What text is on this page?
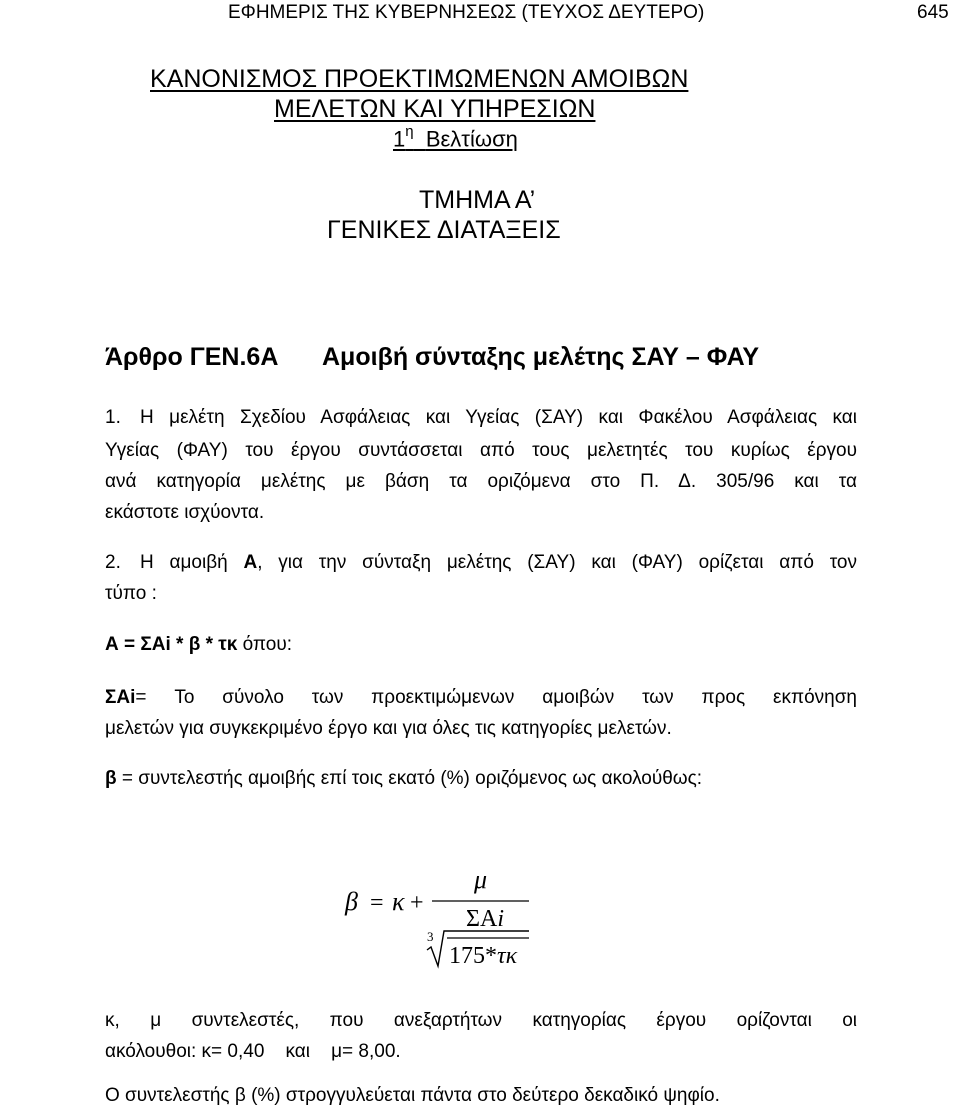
ΕΦΗΜΕΡΙΣ ΤΗΣ ΚΥΒΕΡΝΗΣΕΩΣ (ΤΕΥΧΟΣ ΔΕΥΤΕΡΟ)	645
ΚΑΝΟΝΙΣΜΟΣ ΠΡΟΕΚΤΙΜΩΜΕΝΩΝ ΑΜΟΙΒΩΝ
ΜΕΛΕΤΩΝ ΚΑΙ ΥΠΗΡΕΣΙΩΝ
$1^\eta$ Βελτίωση
ΤΜΗΜΑ Α’
ΓΕΝΙΚΕΣ ΔΙΑΤΑΞΕΙΣ
Άρθρο ΓΕΝ.6Α Αμοιβή σύνταξης μελέτης ΣΑΥ – ΦΑΥ
1. Η μελέτη Σχεδίου Ασφάλειας και Υγείας (ΣΑΥ) και Φακέλου Ασφάλειας και
Υγείας (ΦΑΥ) του έργου συντάσσεται από τους μελετητές του κυρίως έργου
ανά κατηγορία μελέτης με βάση τα οριζόμενα στο Π. Δ. 305/96 και τα
εκάστοτε ισχύοντα.
2. Η αμοιβή Α, για την σύνταξη μελέτης (ΣΑΥ) και (ΦΑΥ) ορίζεται από τον
τύπο :
Α = ΣΑi * β * τκ όπου:
ΣΑi= Το σύνολο των προεκτιμώμενων αμοιβών των προς εκπόνηση
μελετών για συγκεκριμένο έργο και για όλες τις κατηγορίες μελετών.
β = συντελεστής αμοιβής επί τοις εκατό (%) οριζόμενος ως ακολούθως:
β = κ +
μ
3
ΣAi
175*τκ
κ, μ συντελεστές, που ανεξαρτήτων κατηγορίας έργου ορίζονται οι
ακόλουθοι: κ= 0,40    και    μ= 8,00.
Ο συντελεστής β (%) στρογγυλεύεται πάντα στο δεύτερο δεκαδικό ψηφίο.
